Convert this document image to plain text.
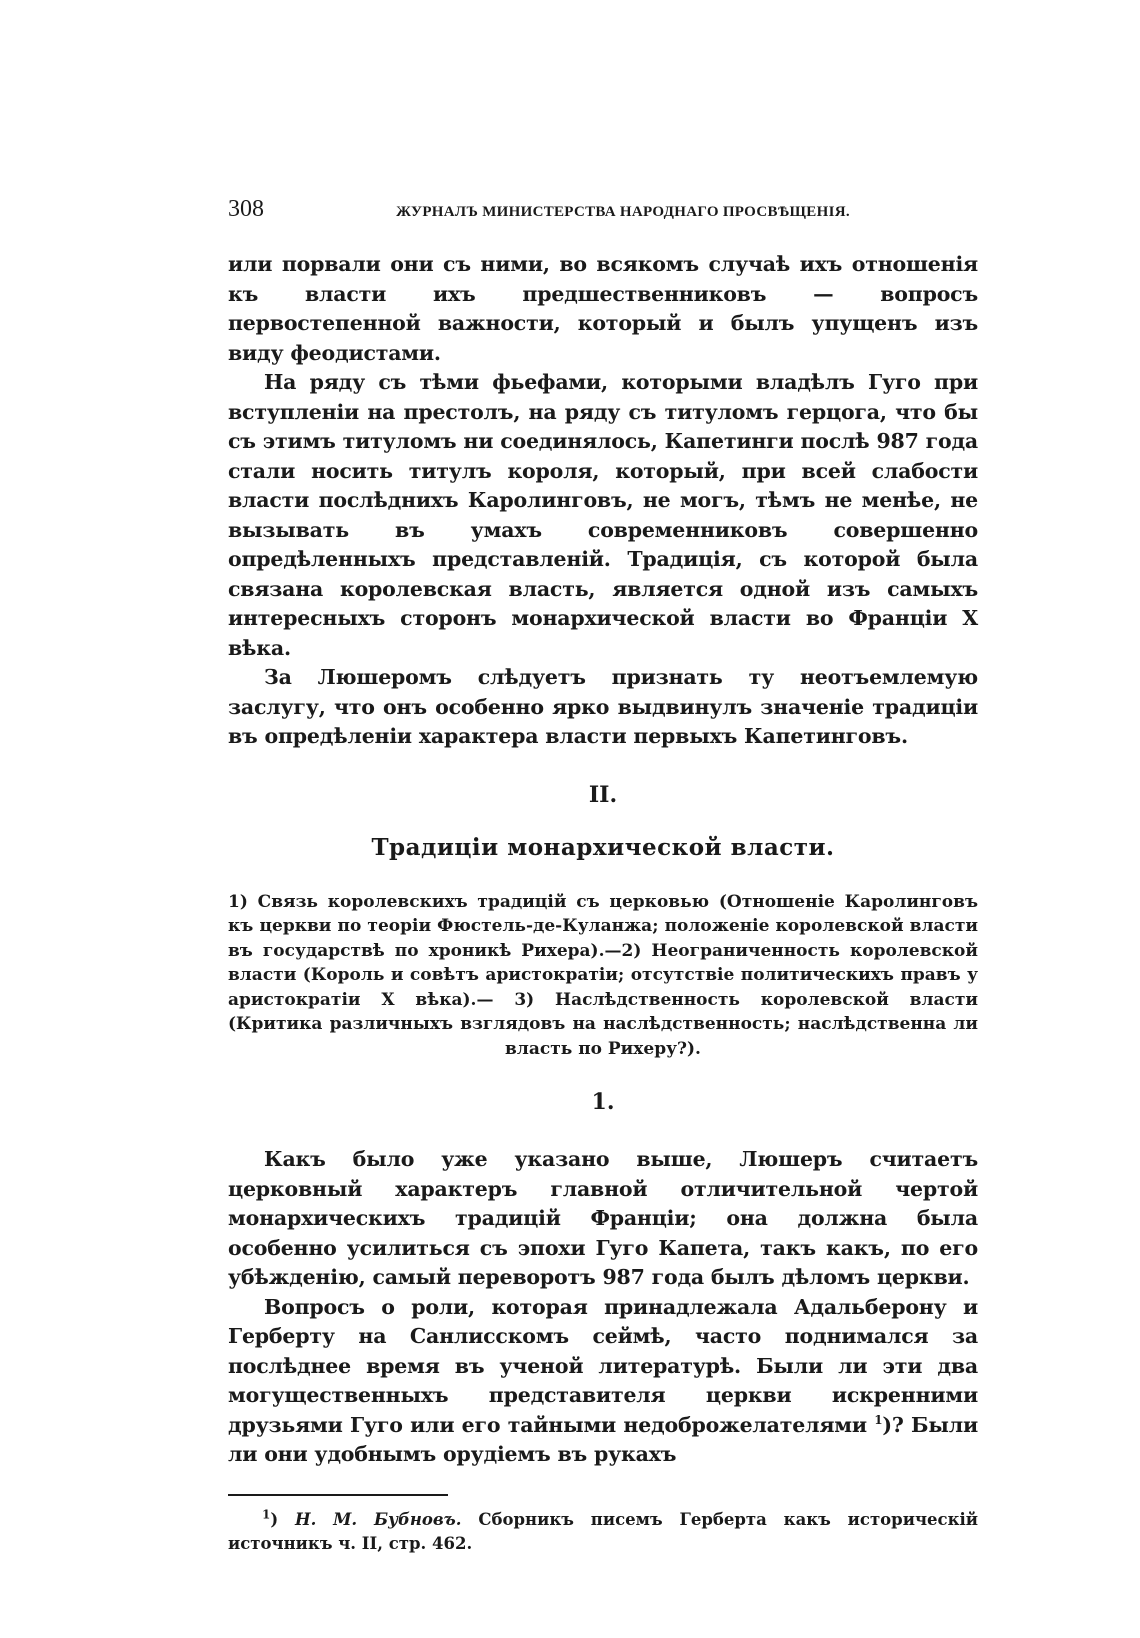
308	ЖУРНАЛЪ МИНИСТЕРСТВА НАРОДНАГО ПРОСВѢЩЕНІЯ.

или порвали они съ ними, во всякомъ случаѣ ихъ отношенія къ власти ихъ предшественниковъ — вопросъ первостепенной важности, который и былъ упущенъ изъ виду феодистами.

На ряду съ тѣми фьефами, которыми владѣлъ Гуго при вступленіи на престолъ, на ряду съ титуломъ герцога, что бы съ этимъ титуломъ ни соединялось, Капетинги послѣ 987 года стали носить титулъ короля, который, при всей слабости власти послѣднихъ Каролинговъ, не могъ, тѣмъ не менѣе, не вызывать въ умахъ современниковъ совершенно опредѣленныхъ представленій. Традиція, съ которой была связана королевская власть, является одной изъ самыхъ интересныхъ сторонъ монархической власти во Франціи X вѣка.

За Люшеромъ слѣдуетъ признать ту неотъемлемую заслугу, что онъ особенно ярко выдвинулъ значеніе традиціи въ опредѣленіи характера власти первыхъ Капетинговъ.

II.
Традиціи монархической власти.
1) Связь королевскихъ традицій съ церковью (Отношеніе Каролинговъ къ церкви по теоріи Фюстель-де-Куланжа; положеніе королевской власти въ государствѣ по хроникѣ Рихера).—2) Неограниченность королевской власти (Король и совѣтъ аристократіи; отсутствіе политическихъ правъ у аристократіи X вѣка).— 3) Наслѣдственность королевской власти (Критика различныхъ взглядовъ на наслѣдственность; наслѣдственна ли власть по Рихеру?).
1.

Какъ было уже указано выше, Люшеръ считаетъ церковный характеръ главной отличительной чертой монархическихъ традицій Франціи; она должна была особенно усилиться съ эпохи Гуго Капета, такъ какъ, по его убѣжденію, самый переворотъ 987 года былъ дѣломъ церкви.

Вопросъ о роли, которая принадлежала Адальберону и Герберту на Санлисскомъ сеймѣ, часто поднимался за послѣднее время въ ученой литературѣ. Были ли эти два могущественныхъ представителя церкви искренними друзьями Гуго или его тайными недоброжелателями $^1$)? Были ли они удобнымъ орудіемъ въ рукахъ

$^1$) Н. М. Бубновъ. Сборникъ писемъ Герберта какъ историческій источникъ ч. II, стр. 462.
